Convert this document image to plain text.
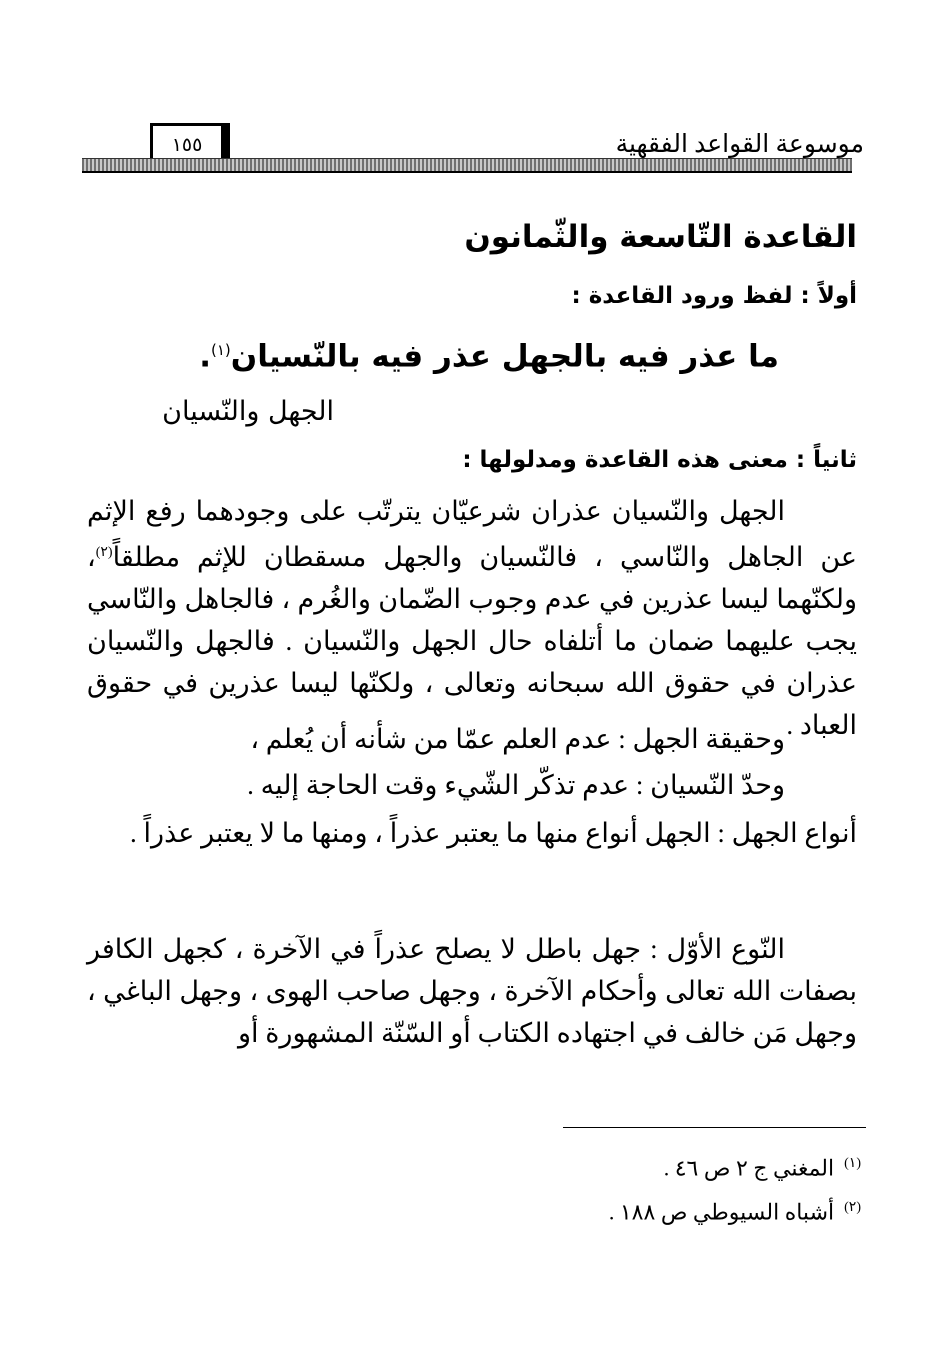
موسوعة القواعد الفقهية
١٥٥
القاعدة التّاسعة والثّمانون
أولاً : لفظ ورود القاعدة :
ما عذر فيه بالجهل عذر فيه بالنّسيان$^{(١)}$.
الجهل والنّسيان
ثانياً : معنى هذه القاعدة ومدلولها :
الجهل والنّسيان عذران شرعيّان يترتّب على وجودهما رفع الإثم عن الجاهل والنّاسي ، فالنّسيان والجهل مسقطان للإثم مطلقاً$^{(٢)}$، ولكنّهما ليسا عذرين في عدم وجوب الضّمان والغُرم ، فالجاهل والنّاسي يجب عليهما ضمان ما أتلفاه حال الجهل والنّسيان . فالجهل والنّسيان عذران في حقوق الله سبحانه وتعالى ، ولكنّها ليسا عذرين في حقوق العباد .
وحقيقة الجهل : عدم العلم عمّا من شأنه أن يُعلم ،
وحدّ النّسيان : عدم تذكّر الشّيء وقت الحاجة إليه .
أنواع الجهل : الجهل أنواع منها ما يعتبر عذراً ، ومنها ما لا يعتبر عذراً .
النّوع الأوّل : جهل باطل لا يصلح عذراً في الآخرة ، كجهل الكافر بصفات الله تعالى وأحكام الآخرة ، وجهل صاحب الهوى ، وجهل الباغي ، وجهل مَن خالف في اجتهاده الكتاب أو السّنّة المشهورة أو
$^{(١)}$المغني ج ٢ ص ٤٦ .
$^{(٢)}$أشباه السيوطي ص ١٨٨ .
